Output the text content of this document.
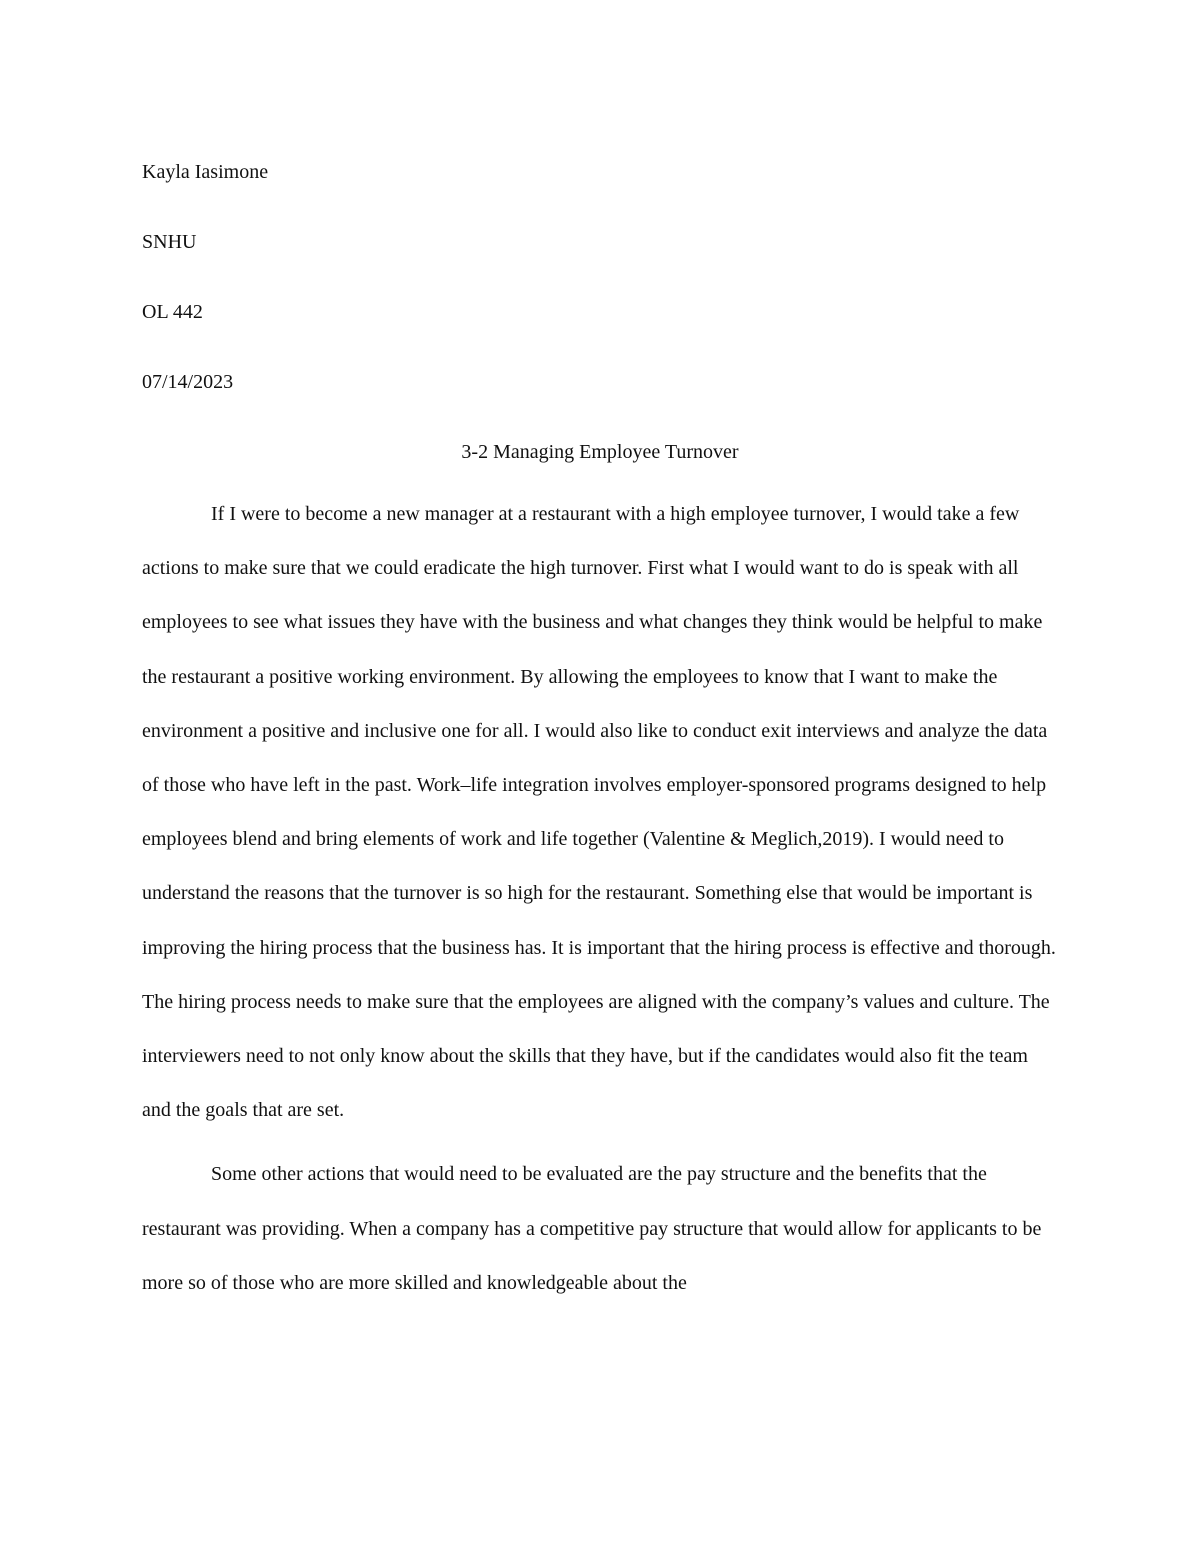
Kayla Iasimone
SNHU
OL 442
07/14/2023
3-2 Managing Employee Turnover

If I were to become a new manager at a restaurant with a high employee turnover, I would take a few actions to make sure that we could eradicate the high turnover. First what I would want to do is speak with all employees to see what issues they have with the business and what changes they think would be helpful to make the restaurant a positive working environment. By allowing the employees to know that I want to make the environment a positive and inclusive one for all. I would also like to conduct exit interviews and analyze the data of those who have left in the past. Work–life integration involves employer-sponsored programs designed to help employees blend and bring elements of work and life together (Valentine & Meglich,2019). I would need to understand the reasons that the turnover is so high for the restaurant. Something else that would be important is improving the hiring process that the business has. It is important that the hiring process is effective and thorough. The hiring process needs to make sure that the employees are aligned with the company’s values and culture. The interviewers need to not only know about the skills that they have, but if the candidates would also fit the team and the goals that are set.

Some other actions that would need to be evaluated are the pay structure and the benefits that the restaurant was providing. When a company has a competitive pay structure that would allow for applicants to be more so of those who are more skilled and knowledgeable about the
